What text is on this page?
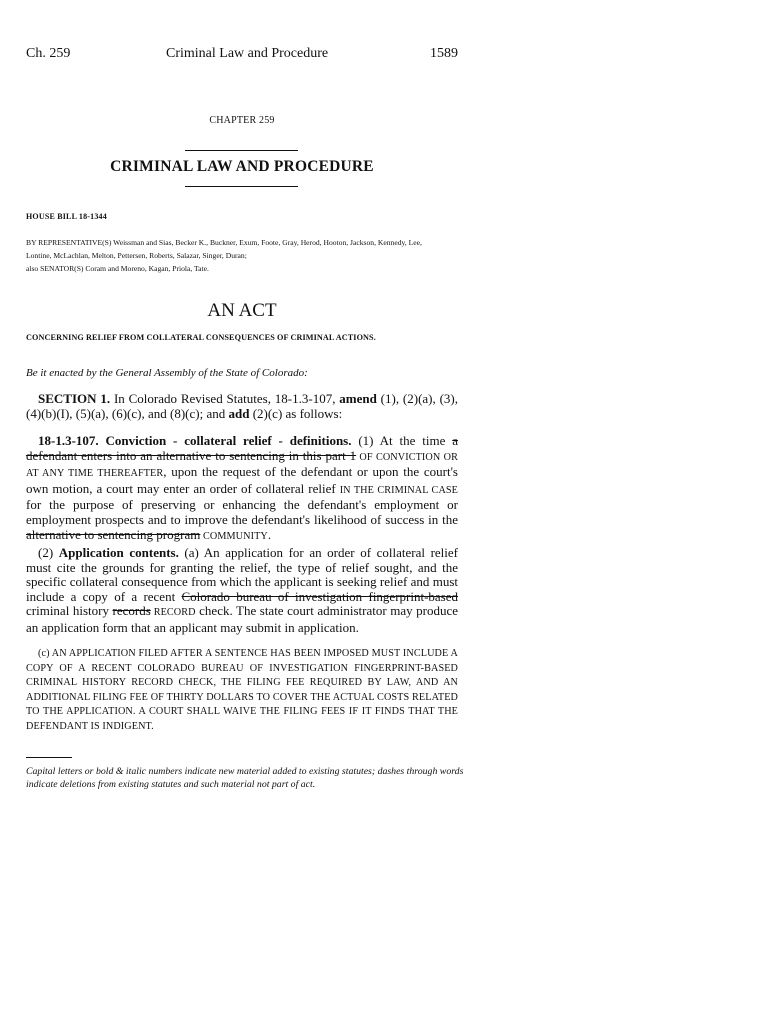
Ch. 259	Criminal Law and Procedure	1589
CHAPTER 259
CRIMINAL LAW AND PROCEDURE
HOUSE BILL 18-1344
BY REPRESENTATIVE(S) Weissman and Sias, Becker K., Buckner, Exum, Foote, Gray, Herod, Hooton, Jackson, Kennedy, Lee,
Lontine, McLachlan, Melton, Pettersen, Roberts, Salazar, Singer, Duran;
also SENATOR(S) Coram and Moreno, Kagan, Priola, Tate.
AN ACT
CONCERNING RELIEF FROM COLLATERAL CONSEQUENCES OF CRIMINAL ACTIONS.
Be it enacted by the General Assembly of the State of Colorado:
SECTION 1. In Colorado Revised Statutes, 18-1.3-107, amend (1), (2)(a), (3), (4)(b)(I), (5)(a), (6)(c), and (8)(c); and add (2)(c) as follows:
18-1.3-107. Conviction - collateral relief - definitions. (1) At the time a defendant enters into an alternative to sentencing in this part 1 OF CONVICTION OR AT ANY TIME THEREAFTER, upon the request of the defendant or upon the court's own motion, a court may enter an order of collateral relief IN THE CRIMINAL CASE for the purpose of preserving or enhancing the defendant's employment or employment prospects and to improve the defendant's likelihood of success in the alternative to sentencing program COMMUNITY.
(2) Application contents. (a) An application for an order of collateral relief must cite the grounds for granting the relief, the type of relief sought, and the specific collateral consequence from which the applicant is seeking relief and must include a copy of a recent Colorado bureau of investigation fingerprint-based criminal history records RECORD check. The state court administrator may produce an application form that an applicant may submit in application.
(c) AN APPLICATION FILED AFTER A SENTENCE HAS BEEN IMPOSED MUST INCLUDE A COPY OF A RECENT COLORADO BUREAU OF INVESTIGATION FINGERPRINT-BASED CRIMINAL HISTORY RECORD CHECK, THE FILING FEE REQUIRED BY LAW, AND AN ADDITIONAL FILING FEE OF THIRTY DOLLARS TO COVER THE ACTUAL COSTS RELATED TO THE APPLICATION. A COURT SHALL WAIVE THE FILING FEES IF IT FINDS THAT THE DEFENDANT IS INDIGENT.
Capital letters or bold & italic numbers indicate new material added to existing statutes; dashes through words indicate deletions from existing statutes and such material not part of act.
